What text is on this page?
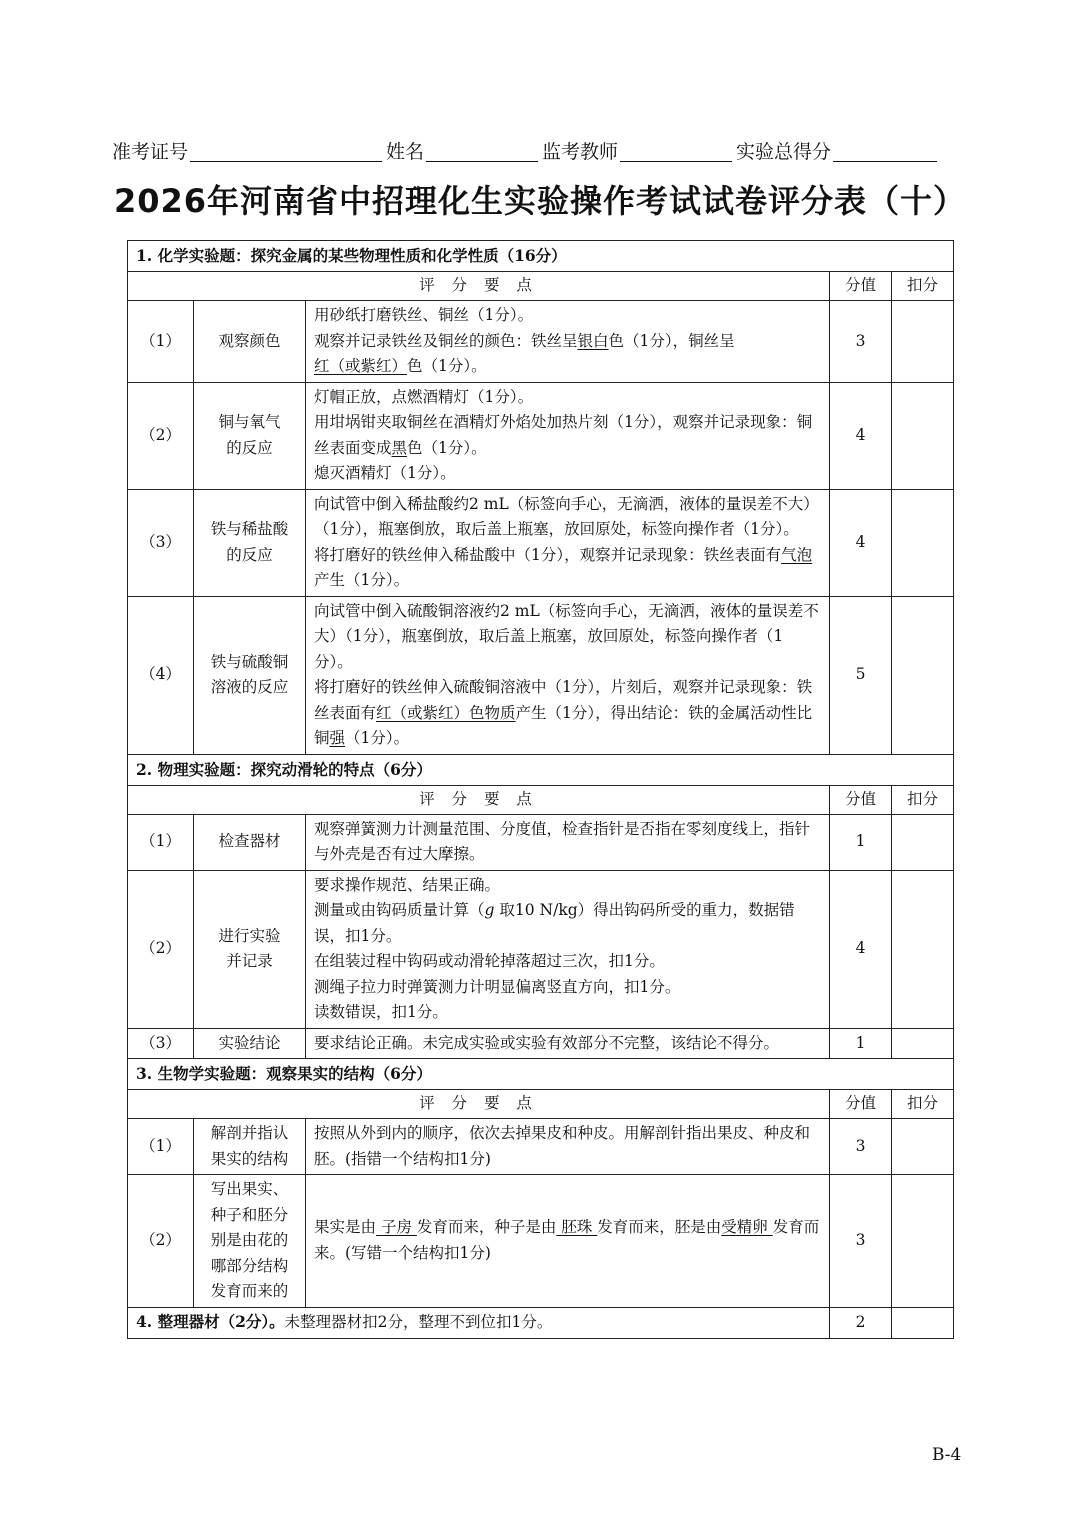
准考证号	姓名	监考教师	实验总得分
2026年河南省中招理化生实验操作考试试卷评分表（十）
1. 化学实验题：探究金属的某些物理性质和化学性质（16分）				
评 分 要 点			分值	扣分
（1）	观察颜色	用砂纸打磨铁丝、铜丝（1分）。
观察并记录铁丝及铜丝的颜色：铁丝呈银白色（1分），铜丝呈红（或紫红）色（1分）。	3	
（2）	铜与氧气
的反应	灯帽正放，点燃酒精灯（1分）。
用坩埚钳夹取铜丝在酒精灯外焰处加热片刻（1分），观察并记录现象：铜丝表面变成黑色（1分）。
熄灭酒精灯（1分）。	4	
（3）	铁与稀盐酸
的反应	向试管中倒入稀盐酸约2 mL（标签向手心，无滴洒，液体的量误差不大）（1分），瓶塞倒放，取后盖上瓶塞，放回原处，标签向操作者（1分）。
将打磨好的铁丝伸入稀盐酸中（1分），观察并记录现象：铁丝表面有气泡产生（1分）。	4	
（4）	铁与硫酸铜
溶液的反应	向试管中倒入硫酸铜溶液约2 mL（标签向手心，无滴洒，液体的量误差不大）（1分），瓶塞倒放，取后盖上瓶塞，放回原处，标签向操作者（1分）。
将打磨好的铁丝伸入硫酸铜溶液中（1分），片刻后，观察并记录现象：铁丝表面有红（或紫红）色物质产生（1分），得出结论：铁的金属活动性比铜强（1分）。	5	
2. 物理实验题：探究动滑轮的特点（6分）				
评 分 要 点			分值	扣分
（1）	检查器材	观察弹簧测力计测量范围、分度值，检查指针是否指在零刻度线上，指针与外壳是否有过大摩擦。	1	
（2）	进行实验
并记录	要求操作规范、结果正确。
测量或由钩码质量计算（g 取10 N/kg）得出钩码所受的重力，数据错误，扣1分。
在组装过程中钩码或动滑轮掉落超过三次，扣1分。
测绳子拉力时弹簧测力计明显偏离竖直方向，扣1分。
读数错误，扣1分。	4	
（3）	实验结论	要求结论正确。未完成实验或实验有效部分不完整，该结论不得分。	1	
3. 生物学实验题：观察果实的结构（6分）				
评 分 要 点			分值	扣分
（1）	解剖并指认
果实的结构	按照从外到内的顺序，依次去掉果皮和种皮。用解剖针指出果皮、种皮和胚。(指错一个结构扣1分)	3	
（2）	写出果实、
种子和胚分
别是由花的
哪部分结构
发育而来的	果实是由 子房 发育而来，种子是由 胚珠 发育而来，胚是由受精卵 发育而来。(写错一个结构扣1分)	3	
4. 整理器材（2分）。未整理器材扣2分，整理不到位扣1分。			2	
B-4
